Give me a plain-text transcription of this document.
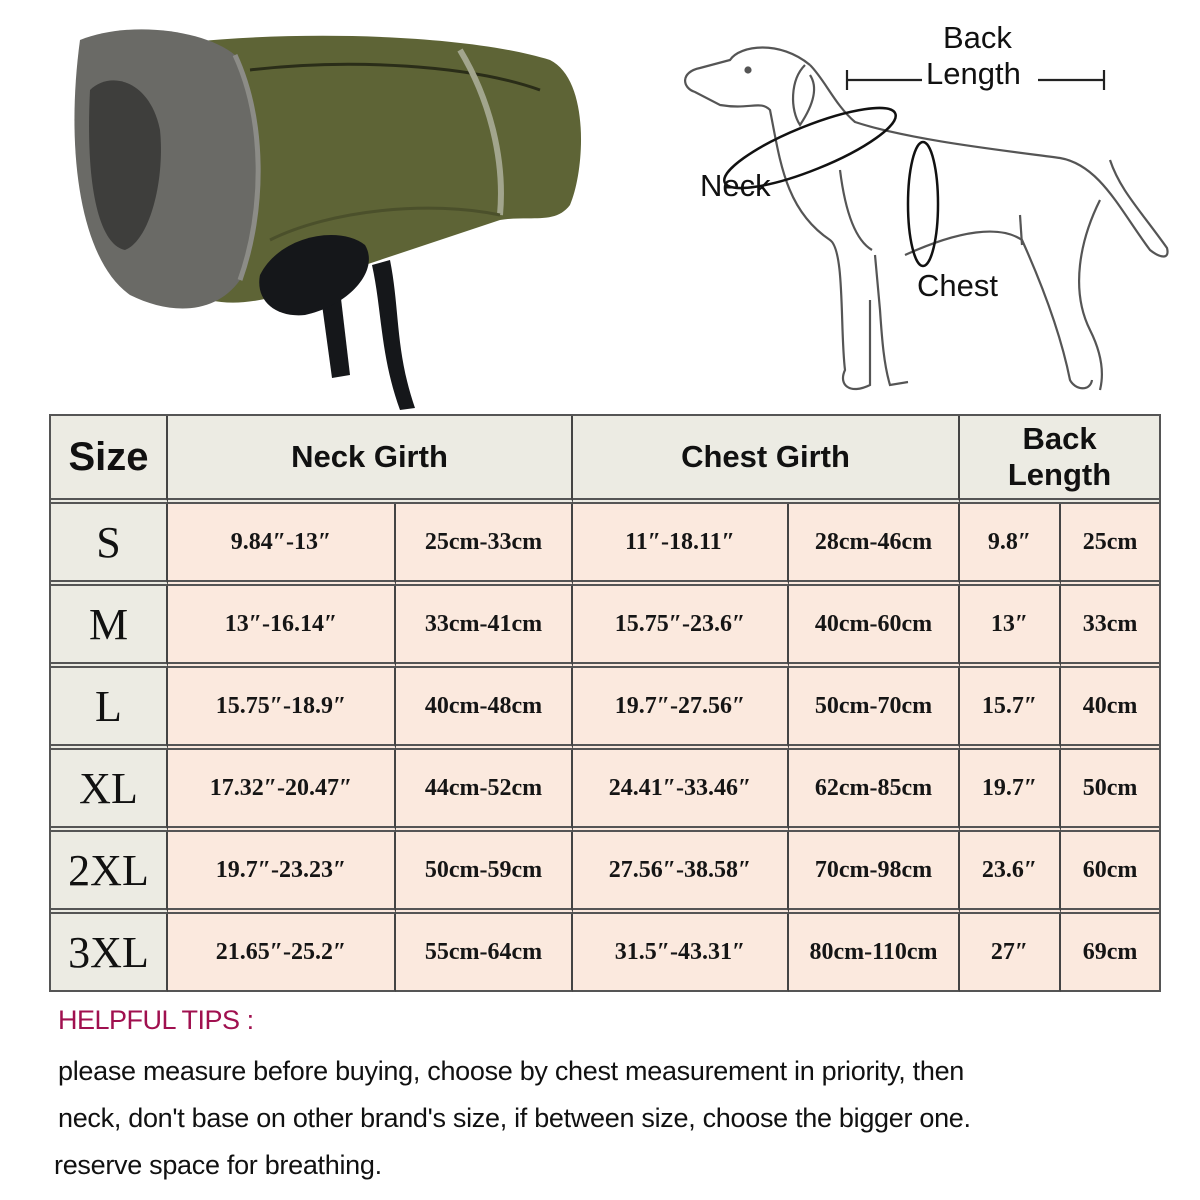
Back
Length
Neck
Chest
Size	Neck Girth		Chest Girth		Back
Length	

S	9.84″-13″	25cm-33cm	11″-18.11″	28cm-46cm	9.8″	25cm
M	13″-16.14″	33cm-41cm	15.75″-23.6″	40cm-60cm	13″	33cm
L	15.75″-18.9″	40cm-48cm	19.7″-27.56″	50cm-70cm	15.7″	40cm
XL	17.32″-20.47″	44cm-52cm	24.41″-33.46″	62cm-85cm	19.7″	50cm
2XL	19.7″-23.23″	50cm-59cm	27.56″-38.58″	70cm-98cm	23.6″	60cm
3XL	21.65″-25.2″	55cm-64cm	31.5″-43.31″	80cm-110cm	27″	69cm
HELPFUL TIPS :
please measure before buying, choose by chest measurement in priority, then
neck, don't base on other brand's size, if between size, choose the bigger one.
reserve space for breathing.
